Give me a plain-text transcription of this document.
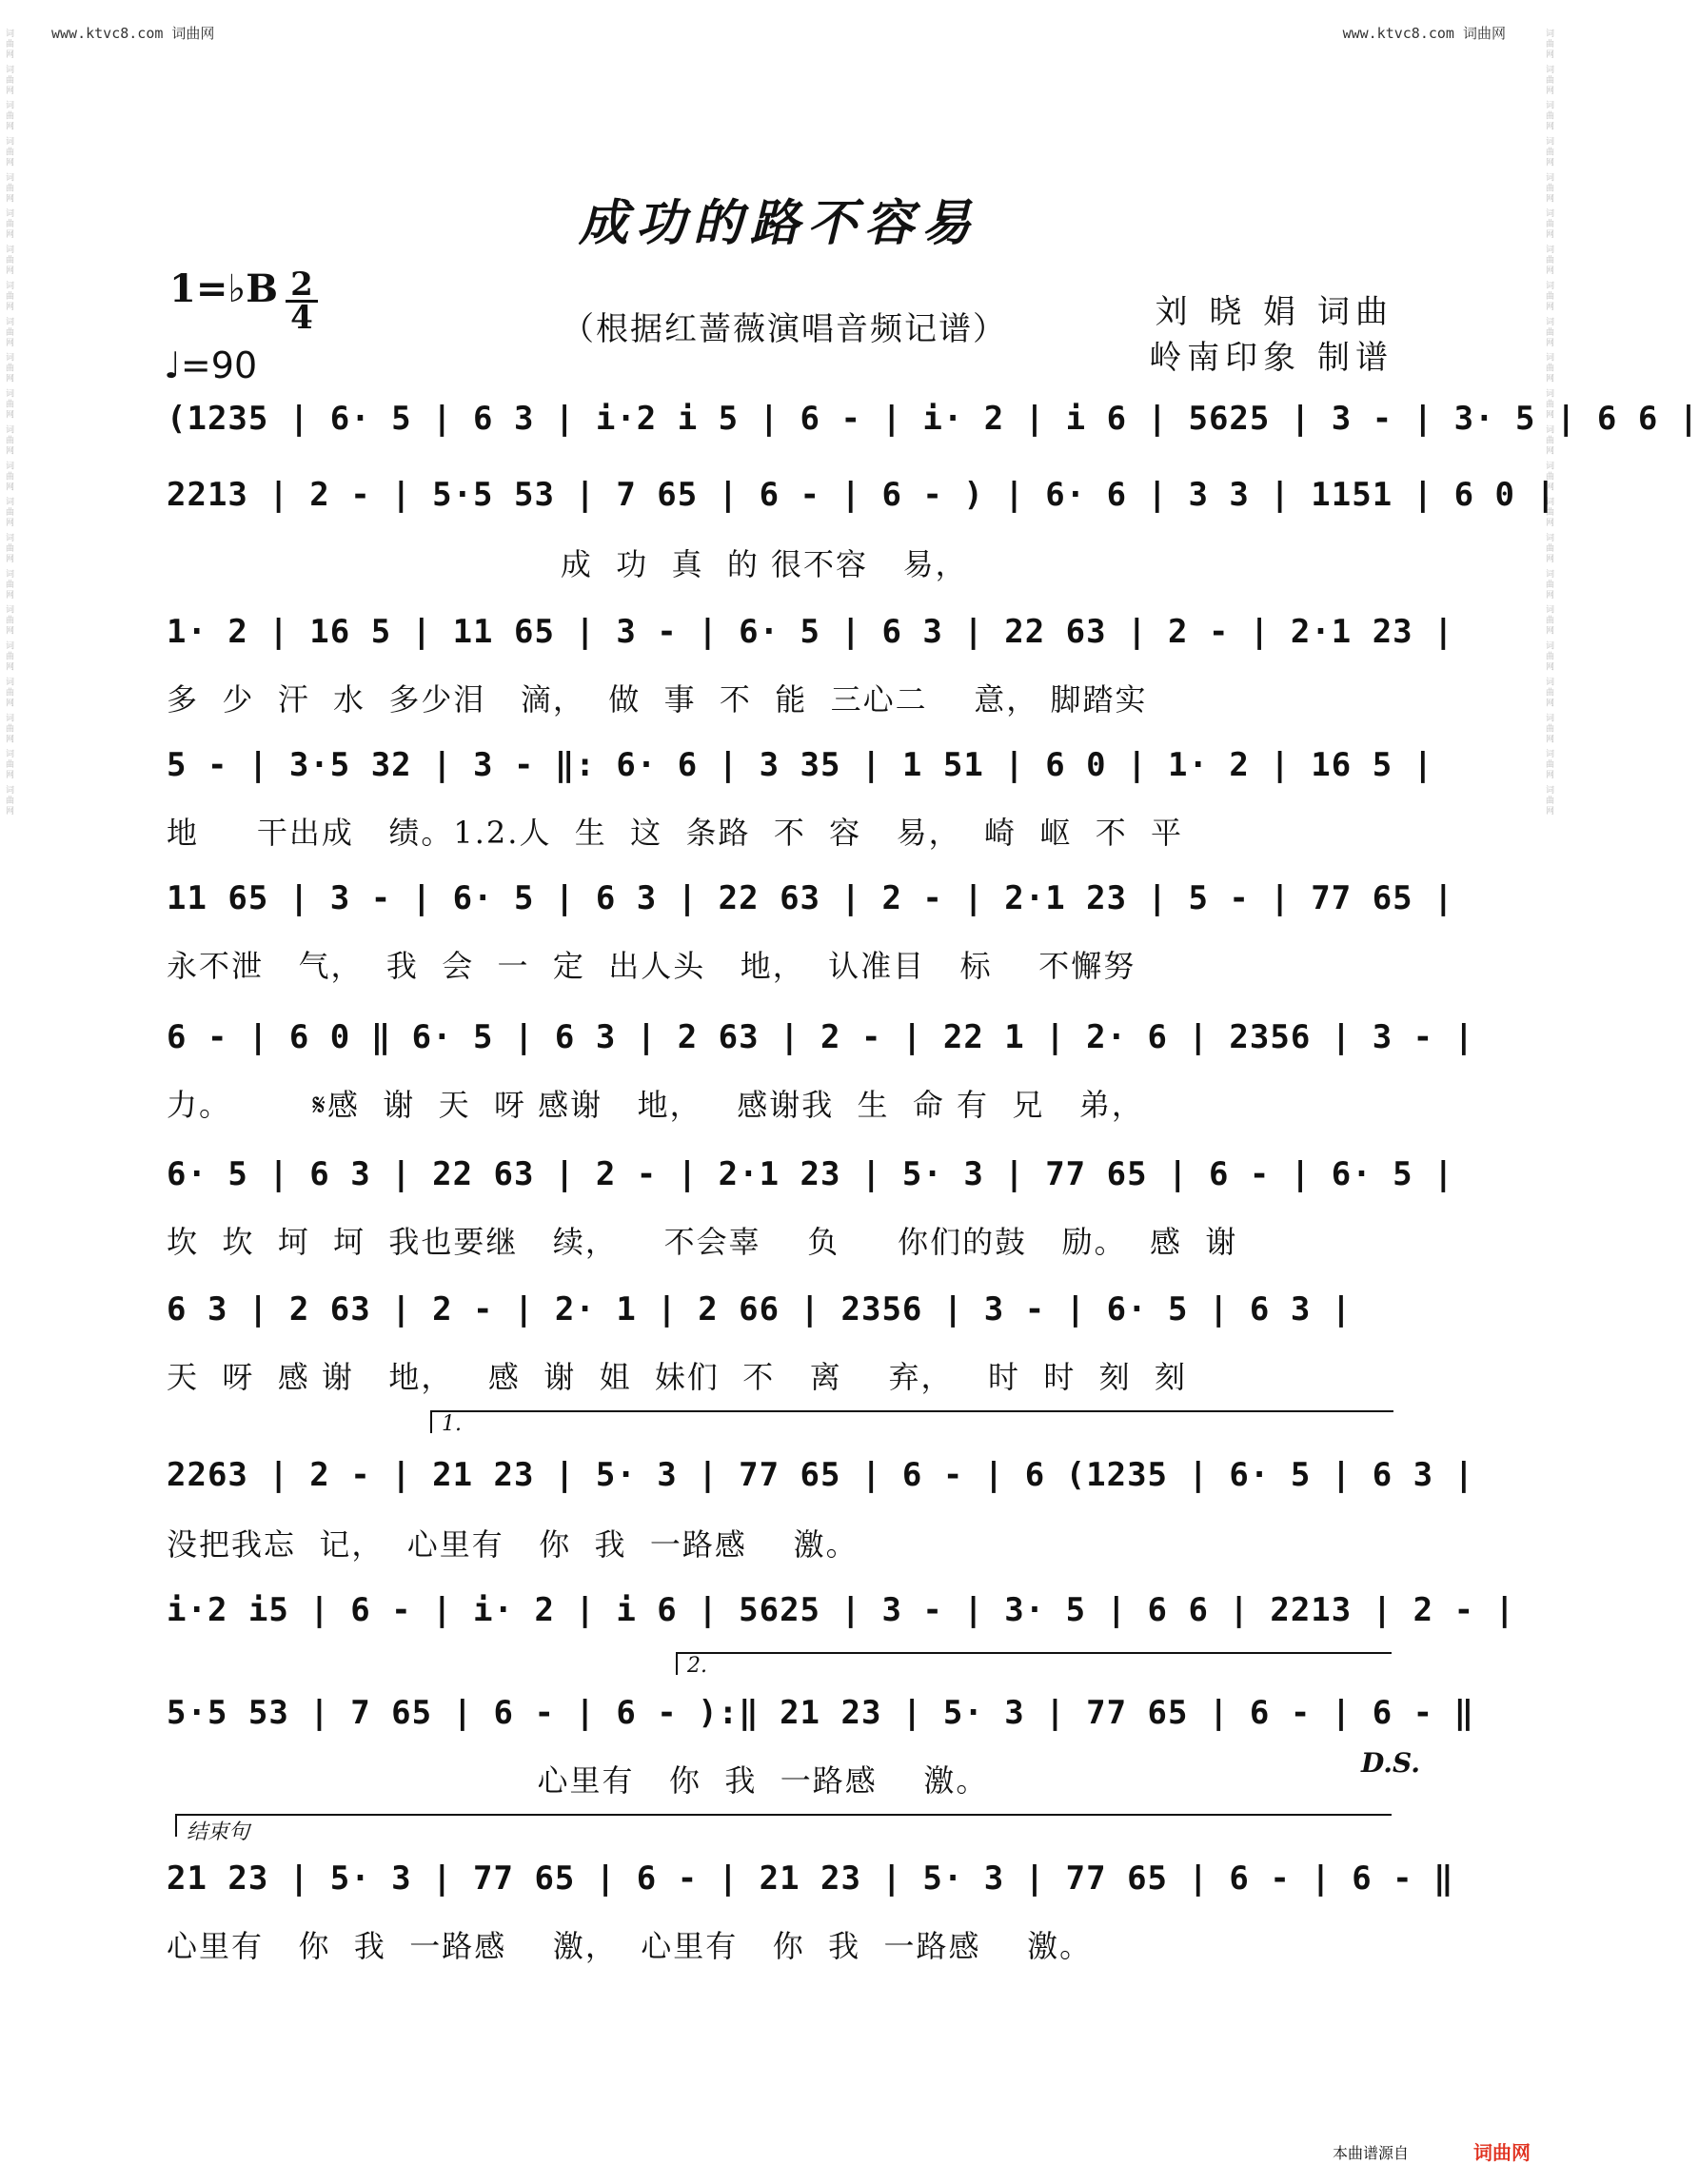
www.ktvc8.com 词曲网	www.ktvc8.com 词曲网
词曲网 词曲网 词曲网 词曲网 词曲网 词曲网 词曲网 词曲网 词曲网 词曲网 词曲网 词曲网 词曲网 词曲网 词曲网 词曲网 词曲网 词曲网 词曲网 词曲网 词曲网 词曲网	词曲网 词曲网 词曲网 词曲网 词曲网 词曲网 词曲网 词曲网 词曲网 词曲网 词曲网 词曲网 词曲网 词曲网 词曲网 词曲网 词曲网 词曲网 词曲网 词曲网 词曲网 词曲网
成功的路不容易
1=♭B 2
4
♩=90
（根据红蔷薇演唱音频记谱）	刘 晓 娟 词曲
岭南印象 制谱
(1235 | 6· 5 | 6 3 | i·2 i 5 | 6 - | i· 2 | i 6 | 5625 | 3 - | 3· 5 | 6 6 |
2213 | 2 - | 5·5 53 | 7 65 | 6 - | 6 - ) | 6· 6 | 3 3 | 1151 | 6 0 |
成  功  真  的 很不容   易，
1· 2 | 16 5 | 11 65 | 3 - | 6· 5 | 6 3 | 22 63 | 2 - | 2·1 23 |
多  少  汗  水  多少泪   滴，  做  事  不  能  三心二    意， 脚踏实
5 - | 3·5 32 | 3 - ‖: 6· 6 | 3 35 | 1 51 | 6 0 | 1· 2 | 16 5 |
地     干出成   绩。1.2.人  生  这  条路  不  容   易，  崎  岖  不  平
11 65 | 3 - | 6· 5 | 6 3 | 22 63 | 2 - | 2·1 23 | 5 - | 77 65 |
永不泄   气，  我  会  一  定  出人头   地，  认准目   标    不懈努
6 - | 6 0 ‖ 6· 5 | 6 3 | 2 63 | 2 - | 22 1 | 2· 6 | 2356 | 3 - |
力。       𝄋感  谢  天  呀 感谢   地，   感谢我  生  命 有  兄   弟，
6· 5 | 6 3 | 22 63 | 2 - | 2·1 23 | 5· 3 | 77 65 | 6 - | 6· 5 |
坎  坎  坷  坷  我也要继   续，    不会辜    负     你们的鼓   励。  感  谢
6 3 | 2 63 | 2 - | 2· 1 | 2 66 | 2356 | 3 - | 6· 5 | 6 3 |
天  呀  感 谢   地，   感  谢  姐  妹们  不   离    弃，   时  时  刻  刻
1.
2263 | 2 - | 21 23 | 5· 3 | 77 65 | 6 - | 6 (1235 | 6· 5 | 6 3 |
没把我忘  记，  心里有   你  我  一路感    激。
i·2 i5 | 6 - | i· 2 | i 6 | 5625 | 3 - | 3· 5 | 6 6 | 2213 | 2 - |
2.
5·5 53 | 7 65 | 6 - | 6 - ):‖ 21 23 | 5· 3 | 77 65 | 6 - | 6 - ‖
心里有   你  我  一路感    激。	D.S.
结束句
21 23 | 5· 3 | 77 65 | 6 - | 21 23 | 5· 3 | 77 65 | 6 - | 6 - ‖
心里有   你  我  一路感    激，  心里有   你  我  一路感    激。
本曲谱源自	词曲网
